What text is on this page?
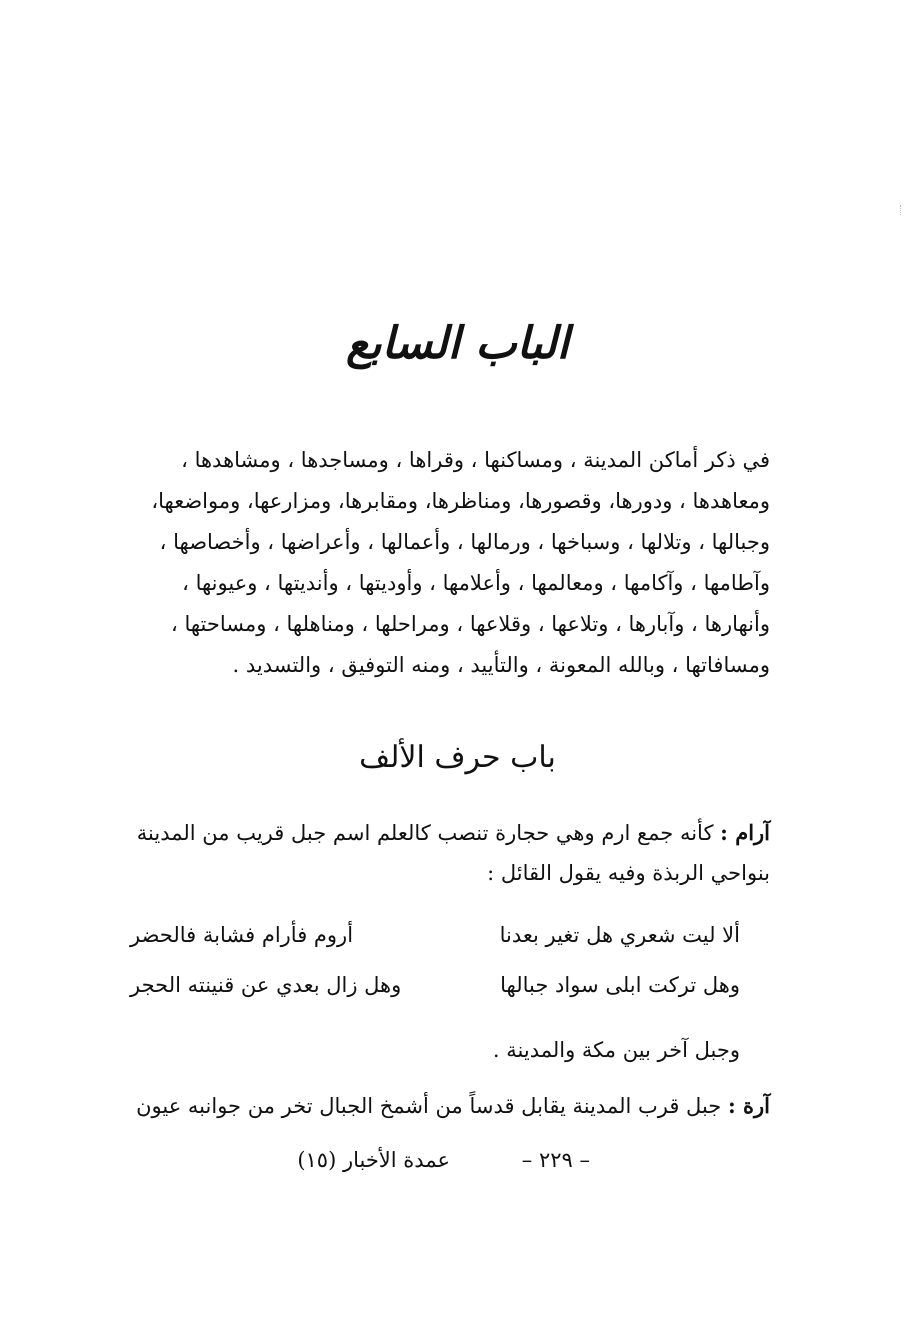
الباب السابع
في ذكر أماكن المدينة ، ومساكنها ، وقراها ، ومساجدها ، ومشاهدها ،
ومعاهدها ، ودورها، وقصورها، ومناظرها، ومقابرها، ومزارعها، ومواضعها،
وجبالها ، وتلالها ، وسباخها ، ورمالها ، وأعمالها ، وأعراضها ، وأخصاصها ،
وآطامها ، وآكامها ، ومعالمها ، وأعلامها ، وأوديتها ، وأنديتها ، وعيونها ،
وأنهارها ، وآبارها ، وتلاعها ، وقلاعها ، ومراحلها ، ومناهلها ، ومساحتها ،
ومسافاتها ، وبالله المعونة ، والتأييد ، ومنه التوفيق ، والتسديد .
باب حرف الألف
آرام : كأنه جمع ارم وهي حجارة تنصب كالعلم اسم جبل قريب من المدينة بنواحي الربذة وفيه يقول القائل :
ألا ليت شعري هل تغير بعدنا
أروم فأرام فشابة فالحضر
وهل تركت ابلى سواد جبالها
وهل زال بعدي عن قنينته الحجر
وجبل آخر بين مكة والمدينة .
آرة : جبل قرب المدينة يقابل قدساً من أشمخ الجبال تخر من جوانبه عيون
عمدة الأخبار (١٥)	– ٢٢٩ –
